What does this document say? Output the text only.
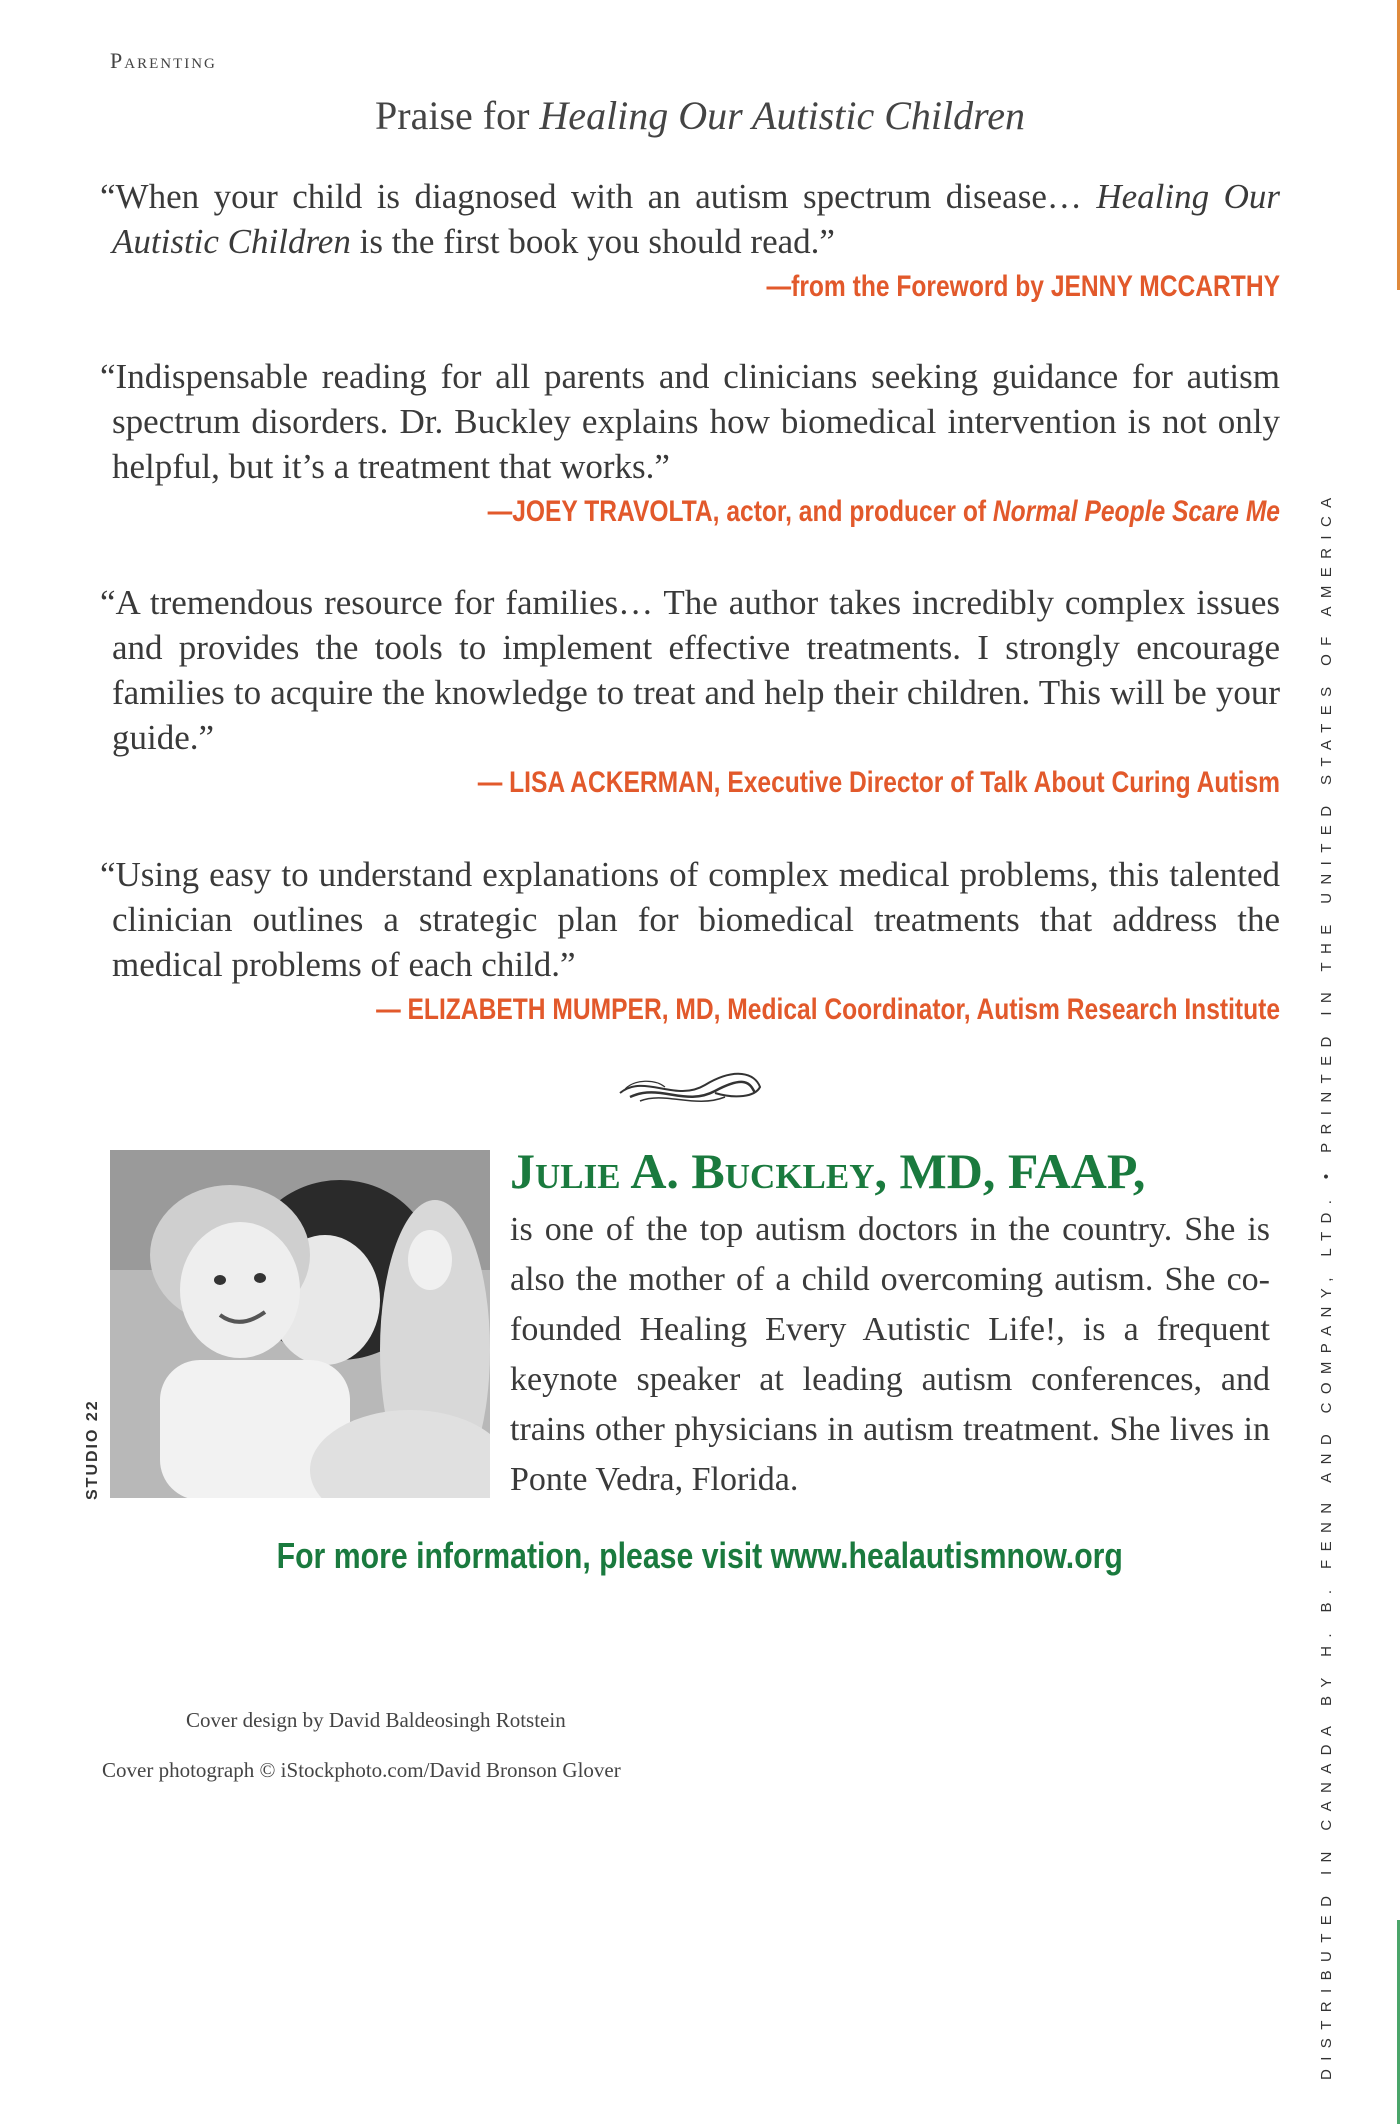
Parenting
Praise for Healing Our Autistic Children
“When your child is diagnosed with an autism spectrum disease… Healing Our Autistic Children is the first book you should read.”
—from the Foreword by JENNY MCCARTHY
“Indispensable reading for all parents and clinicians seeking guidance for autism spectrum disorders. Dr. Buckley explains how biomedical intervention is not only helpful, but it’s a treatment that works.”
—JOEY TRAVOLTA, actor, and producer of Normal People Scare Me
“A tremendous resource for families… The author takes incredibly complex issues and provides the tools to implement effective treatments. I strongly encourage families to acquire the knowledge to treat and help their children. This will be your guide.”
— LISA ACKERMAN, Executive Director of Talk About Curing Autism
“Using easy to understand explanations of complex medical problems, this talented clinician outlines a strategic plan for biomedical treatments that address the medical problems of each child.”
— ELIZABETH MUMPER, MD, Medical Coordinator, Autism Research Institute
STUDIO 22
Julie A. Buckley, MD, FAAP,
is one of the top autism doctors in the country. She is also the mother of a child overcoming autism. She co-founded Healing Every Autistic Life!, is a frequent keynote speaker at leading autism conferences, and trains other physicians in autism treatment. She lives in Ponte Vedra, Florida.
For more information, please visit www.healautismnow.org
Cover design by David Baldeosingh Rotstein
Cover photograph © iStockphoto.com/David Bronson Glover	DISTRIBUTED IN CANADA BY H. B. FENN AND COMPANY, LTD. • PRINTED IN THE UNITED STATES OF AMERICA
